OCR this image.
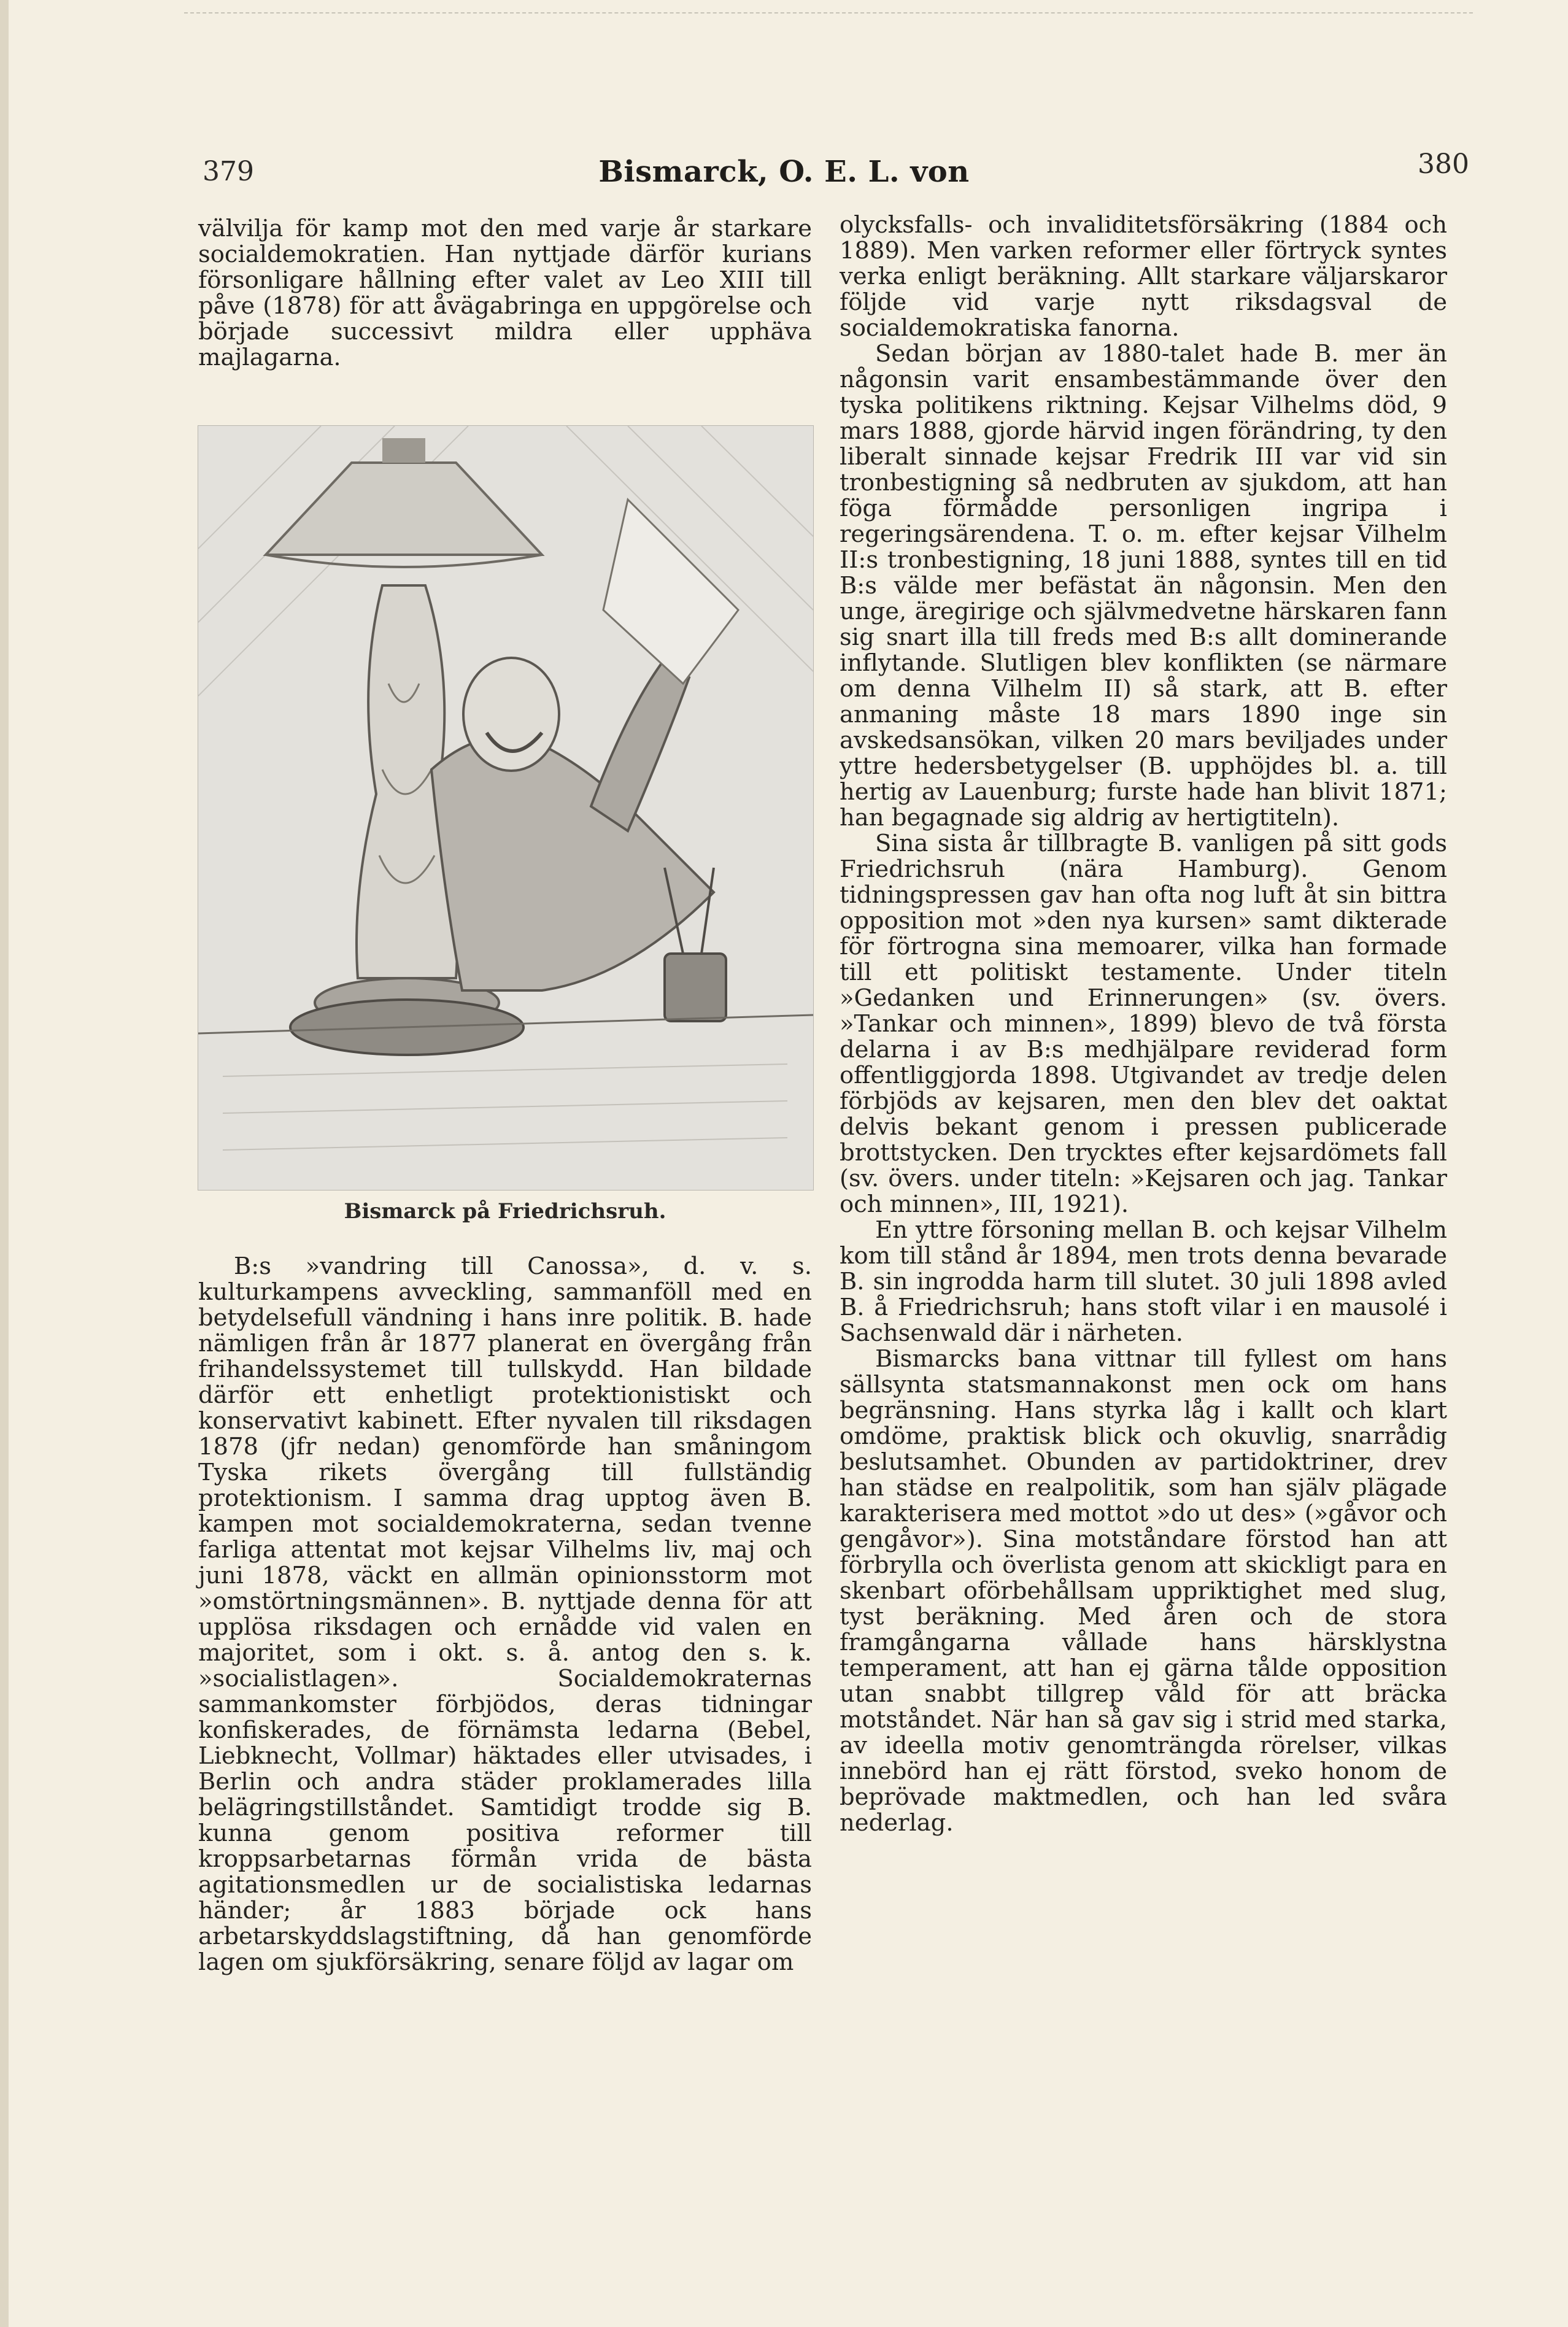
379	Bismarck, O. E. L. von	380

välvilja för kamp mot den med varje år starkare socialdemokratien. Han nyttjade därför kurians försonligare hållning efter valet av Leo XIII till påve (1878) för att åvägabringa en uppgörelse och började successivt mildra eller upphäva majlagarna.

Bismarck på Friedrichsruh.

B:s »vandring till Canossa», d. v. s. kulturkampens avveckling, sammanföll med en betydelsefull vändning i hans inre politik. B. hade nämligen från år 1877 planerat en övergång från frihandelssystemet till tullskydd. Han bildade därför ett enhetligt protektionistiskt och konservativt kabinett. Efter nyvalen till riksdagen 1878 (jfr nedan) genomförde han småningom Tyska rikets övergång till fullständig protektionism. I samma drag upptog även B. kampen mot socialdemokraterna, sedan tvenne farliga attentat mot kejsar Vilhelms liv, maj och juni 1878, väckt en allmän opinionsstorm mot »omstörtningsmännen». B. nyttjade denna för att upplösa riksdagen och ernådde vid valen en majoritet, som i okt. s. å. antog den s. k. »socialistlagen». Socialdemokraternas sammankomster förbjödos, deras tidningar konfiskerades, de förnämsta ledarna (Bebel, Liebknecht, Vollmar) häktades eller utvisades, i Berlin och andra städer proklamerades lilla belägringstillståndet. Samtidigt trodde sig B. kunna genom positiva reformer till kroppsarbetarnas förmån vrida de bästa agitationsmedlen ur de socialistiska ledarnas händer; år 1883 började ock hans arbetarskyddslagstiftning, då han genomförde lagen om sjukförsäkring, senare följd av lagar om

olycksfalls- och invaliditetsförsäkring (1884 och 1889). Men varken reformer eller förtryck syntes verka enligt beräkning. Allt starkare väljarskaror följde vid varje nytt riksdagsval de socialdemokratiska fanorna.

Sedan början av 1880-talet hade B. mer än någonsin varit ensambestämmande över den tyska politikens riktning. Kejsar Vilhelms död, 9 mars 1888, gjorde härvid ingen förändring, ty den liberalt sinnade kejsar Fredrik III var vid sin tronbestigning så nedbruten av sjukdom, att han föga förmådde personligen ingripa i regeringsärendena. T. o. m. efter kejsar Vilhelm II:s tronbestigning, 18 juni 1888, syntes till en tid B:s välde mer befästat än någonsin. Men den unge, äregirige och självmedvetne härskaren fann sig snart illa till freds med B:s allt dominerande inflytande. Slutligen blev konflikten (se närmare om denna Vilhelm II) så stark, att B. efter anmaning måste 18 mars 1890 inge sin avskedsansökan, vilken 20 mars beviljades under yttre hedersbetygelser (B. upphöjdes bl. a. till hertig av Lauenburg; furste hade han blivit 1871; han begagnade sig aldrig av hertigtiteln).

Sina sista år tillbragte B. vanligen på sitt gods Friedrichsruh (nära Hamburg). Genom tidningspressen gav han ofta nog luft åt sin bittra opposition mot »den nya kursen» samt dikterade för förtrogna sina memoarer, vilka han formade till ett politiskt testamente. Under titeln »Gedanken und Erinnerungen» (sv. övers. »Tankar och minnen», 1899) blevo de två första delarna i av B:s medhjälpare reviderad form offentliggjorda 1898. Utgivandet av tredje delen förbjöds av kejsaren, men den blev det oaktat delvis bekant genom i pressen publicerade brottstycken. Den trycktes efter kejsardömets fall (sv. övers. under titeln: »Kejsaren och jag. Tankar och minnen», III, 1921).

En yttre försoning mellan B. och kejsar Vilhelm kom till stånd år 1894, men trots denna bevarade B. sin ingrodda harm till slutet. 30 juli 1898 avled B. å Friedrichsruh; hans stoft vilar i en mausolé i Sachsenwald där i närheten.

Bismarcks bana vittnar till fyllest om hans sällsynta statsmannakonst men ock om hans begränsning. Hans styrka låg i kallt och klart omdöme, praktisk blick och okuvlig, snarrådig beslutsamhet. Obunden av partidoktriner, drev han städse en realpolitik, som han själv plägade karakterisera med mottot »do ut des» (»gåvor och gengåvor»). Sina motståndare förstod han att förbrylla och överlista genom att skickligt para en skenbart oförbehållsam uppriktighet med slug, tyst beräkning. Med åren och de stora framgångarna vållade hans härsklystna temperament, att han ej gärna tålde opposition utan snabbt tillgrep våld för att bräcka motståndet. När han så gav sig i strid med starka, av ideella motiv genomträngda rörelser, vilkas innebörd han ej rätt förstod, sveko honom de beprövade maktmedlen, och han led svåra nederlag.
